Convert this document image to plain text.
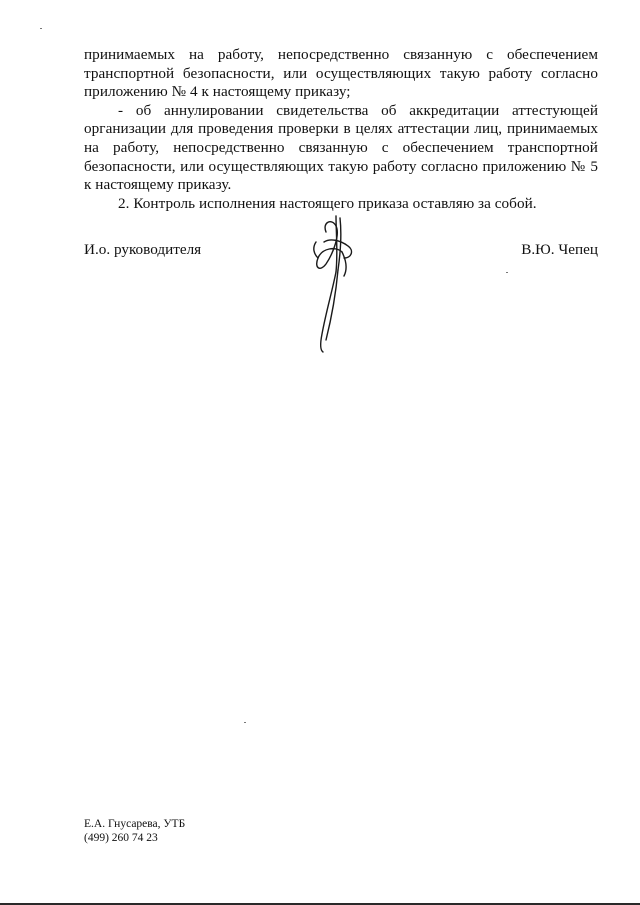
принимаемых на работу, непосредственно связанную с обеспечением транспортной безопасности, или осуществляющих такую работу согласно приложению № 4 к настоящему приказу;

- об аннулировании свидетельства об аккредитации аттестующей организации для проведения проверки в целях аттестации лиц, принимаемых на работу, непосредственно связанную с обеспечением транспортной безопасности, или осуществляющих такую работу согласно приложению № 5 к настоящему приказу.

2. Контроль исполнения настоящего приказа оставляю за собой.

И.о. руководителя	В.Ю. Чепец
Е.А. Гнусарева, УТБ
(499) 260 74 23
